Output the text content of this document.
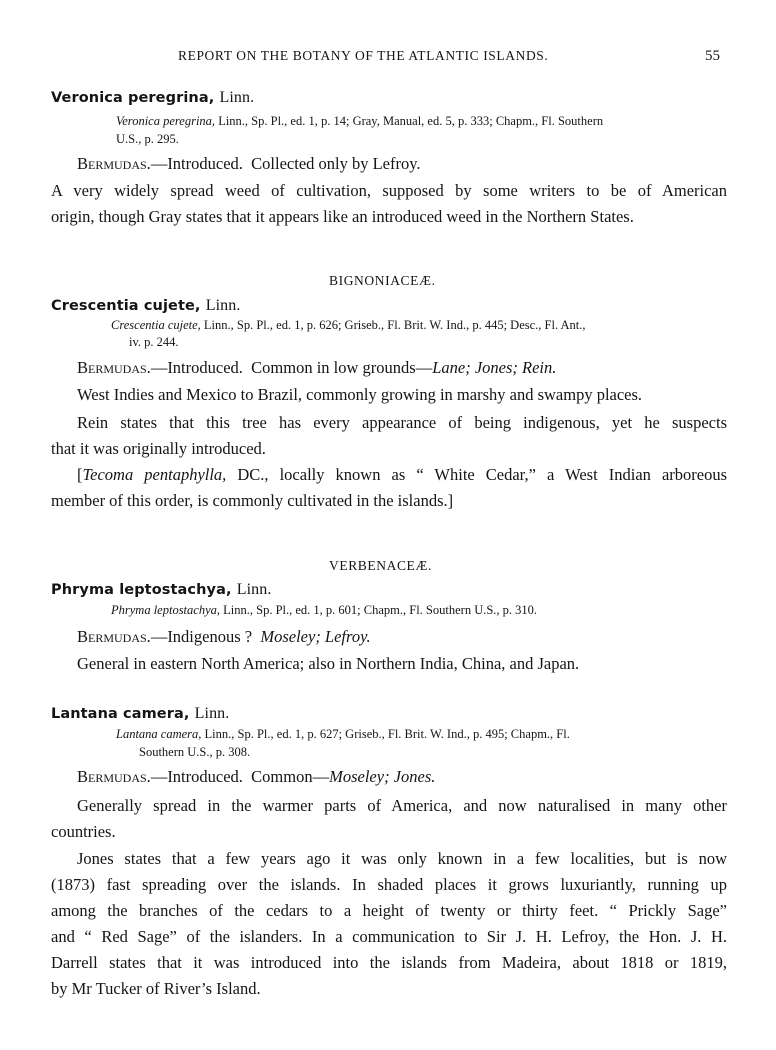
REPORT ON THE BOTANY OF THE ATLANTIC ISLANDS.	55
Veronica peregrina, Linn.
Veronica peregrina, Linn., Sp. Pl., ed. 1, p. 14; Gray, Manual, ed. 5, p. 333; Chapm., Fl. Southern
U.S., p. 295.
Bermudas.—Introduced.  Collected only by Lefroy.
A very widely spread weed of cultivation, supposed by some writers to be of American
origin, though Gray states that it appears like an introduced weed in the Northern States.
BIGNONIACEÆ.
Crescentia cujete, Linn.
Crescentia cujete, Linn., Sp. Pl., ed. 1, p. 626; Griseb., Fl. Brit. W. Ind., p. 445; Desc., Fl. Ant.,
iv. p. 244.
Bermudas.—Introduced.  Common in low grounds—Lane; Jones; Rein.
West Indies and Mexico to Brazil, commonly growing in marshy and swampy places.
Rein states that this tree has every appearance of being indigenous, yet he suspects
that it was originally introduced.
[Tecoma pentaphylla, DC., locally known as “ White Cedar,” a West Indian arboreous
member of this order, is commonly cultivated in the islands.]
VERBENACEÆ.
Phryma leptostachya, Linn.
Phryma leptostachya, Linn., Sp. Pl., ed. 1, p. 601; Chapm., Fl. Southern U.S., p. 310.
Bermudas.—Indigenous ? Moseley; Lefroy.
General in eastern North America; also in Northern India, China, and Japan.
Lantana camera, Linn.
Lantana camera, Linn., Sp. Pl., ed. 1, p. 627; Griseb., Fl. Brit. W. Ind., p. 495; Chapm., Fl.
Southern U.S., p. 308.
Bermudas.—Introduced.  Common—Moseley; Jones.
Generally spread in the warmer parts of America, and now naturalised in many other
countries.
Jones states that a few years ago it was only known in a few localities, but is now
(1873) fast spreading over the islands. In shaded places it grows luxuriantly, running up
among the branches of the cedars to a height of twenty or thirty feet. “ Prickly Sage”
and “ Red Sage” of the islanders. In a communication to Sir J. H. Lefroy, the Hon. J. H.
Darrell states that it was introduced into the islands from Madeira, about 1818 or 1819,
by Mr Tucker of River’s Island.
